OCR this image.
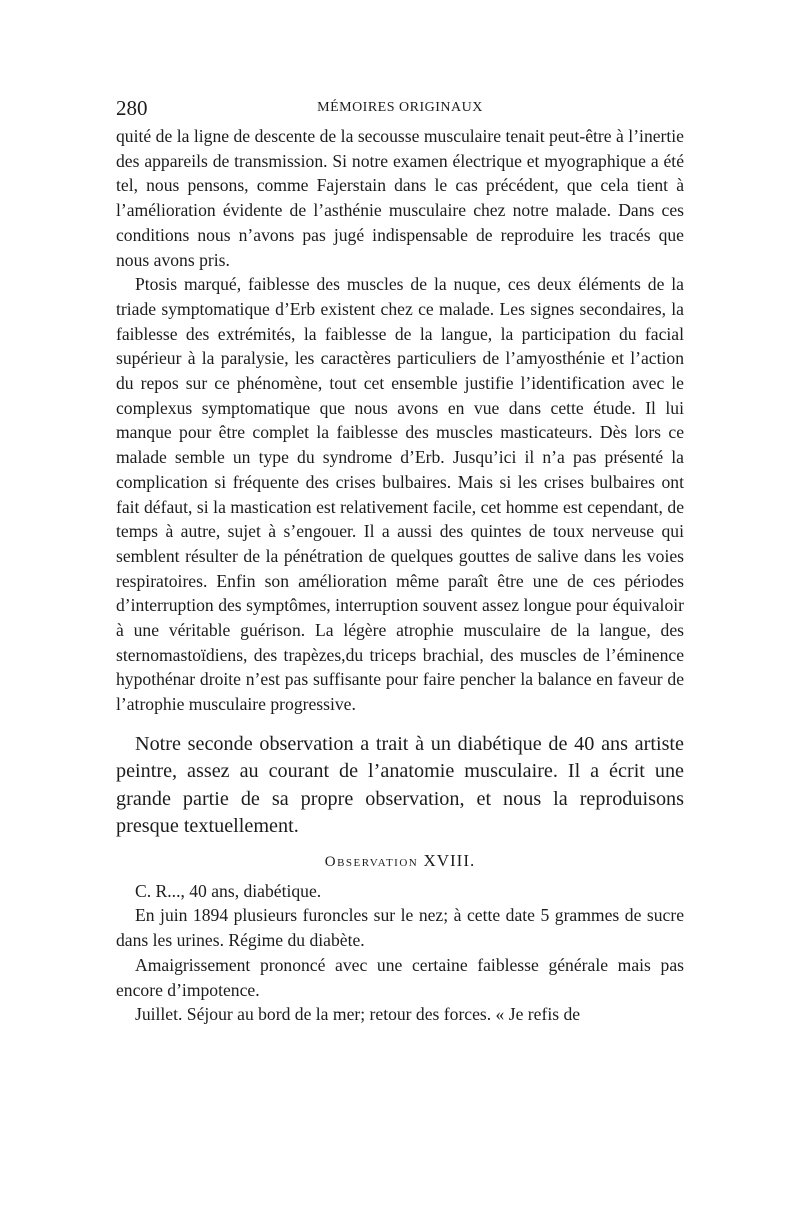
280	MÉMOIRES ORIGINAUX

quité de la ligne de descente de la secousse musculaire tenait peut-être à l’inertie des appareils de transmission. Si notre examen électrique et myographique a été tel, nous pensons, comme Fajerstain dans le cas précédent, que cela tient à l’amélioration évidente de l’asthénie musculaire chez notre malade. Dans ces conditions nous n’avons pas jugé indispensable de reproduire les tracés que nous avons pris.

Ptosis marqué, faiblesse des muscles de la nuque, ces deux éléments de la triade symptomatique d’Erb existent chez ce malade. Les signes secondaires, la faiblesse des extrémités, la faiblesse de la langue, la participation du facial supérieur à la paralysie, les caractères particuliers de l’amyosthénie et l’action du repos sur ce phénomène, tout cet ensemble justifie l’identification avec le complexus symptomatique que nous avons en vue dans cette étude. Il lui manque pour être complet la faiblesse des muscles masticateurs. Dès lors ce malade semble un type du syndrome d’Erb. Jusqu’ici il n’a pas présenté la complication si fréquente des crises bulbaires. Mais si les crises bulbaires ont fait défaut, si la mastication est relativement facile, cet homme est cependant, de temps à autre, sujet à s’engouer. Il a aussi des quintes de toux nerveuse qui semblent résulter de la pénétration de quelques gouttes de salive dans les voies respiratoires. Enfin son amélioration même paraît être une de ces périodes d’interruption des symptômes, interruption souvent assez longue pour équivaloir à une véritable guérison. La légère atrophie musculaire de la langue, des sternomastoïdiens, des trapèzes,du triceps brachial, des muscles de l’éminence hypothénar droite n’est pas suffisante pour faire pencher la balance en faveur de l’atrophie musculaire progressive.

Notre seconde observation a trait à un diabétique de 40 ans artiste peintre, assez au courant de l’anatomie musculaire. Il a écrit une grande partie de sa propre observation, et nous la reproduisons presque textuellement.

Observation XVIII.

C. R..., 40 ans, diabétique.

En juin 1894 plusieurs furoncles sur le nez; à cette date 5 grammes de sucre dans les urines. Régime du diabète.

Amaigrissement prononcé avec une certaine faiblesse générale mais pas encore d’impotence.

Juillet. Séjour au bord de la mer; retour des forces. « Je refis de
